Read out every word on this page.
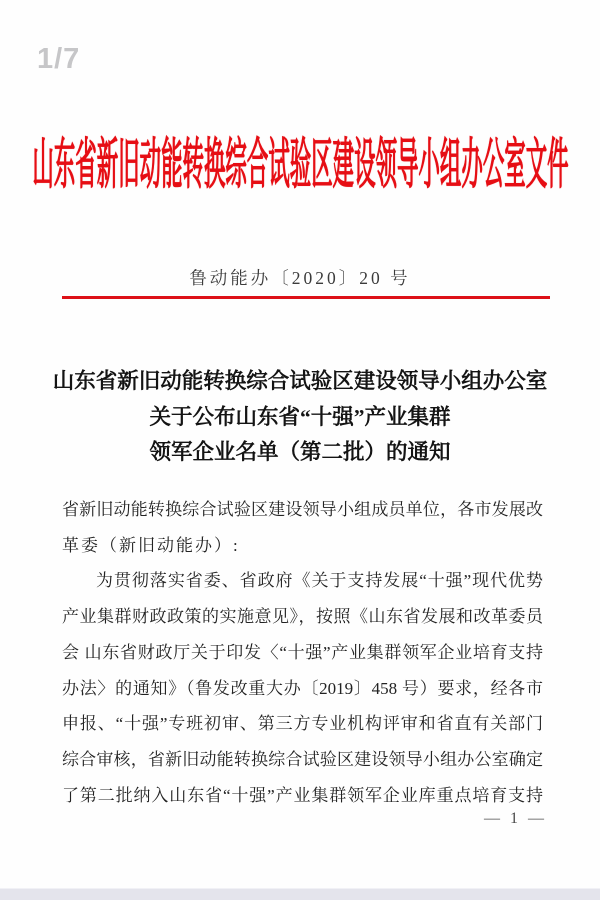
1/7
山东省新旧动能转换综合试验区建设领导小组办公室文件
鲁动能办〔2020〕20 号
山东省新旧动能转换综合试验区建设领导小组办公室
关于公布山东省“十强”产业集群
领军企业名单（第二批）的通知
省新旧动能转换综合试验区建设领导小组成员单位，各市发展改
革委（新旧动能办）:
为贯彻落实省委、省政府《关于支持发展“十强”现代优势
产业集群财政政策的实施意见》，按照《山东省发展和改革委员
会 山东省财政厅关于印发〈“十强”产业集群领军企业培育支持
办法〉的通知》（鲁发改重大办〔2019〕458 号）要求，经各市
申报、“十强”专班初审、第三方专业机构评审和省直有关部门
综合审核，省新旧动能转换综合试验区建设领导小组办公室确定
了第二批纳入山东省“十强”产业集群领军企业库重点培育支持
— 1 —
